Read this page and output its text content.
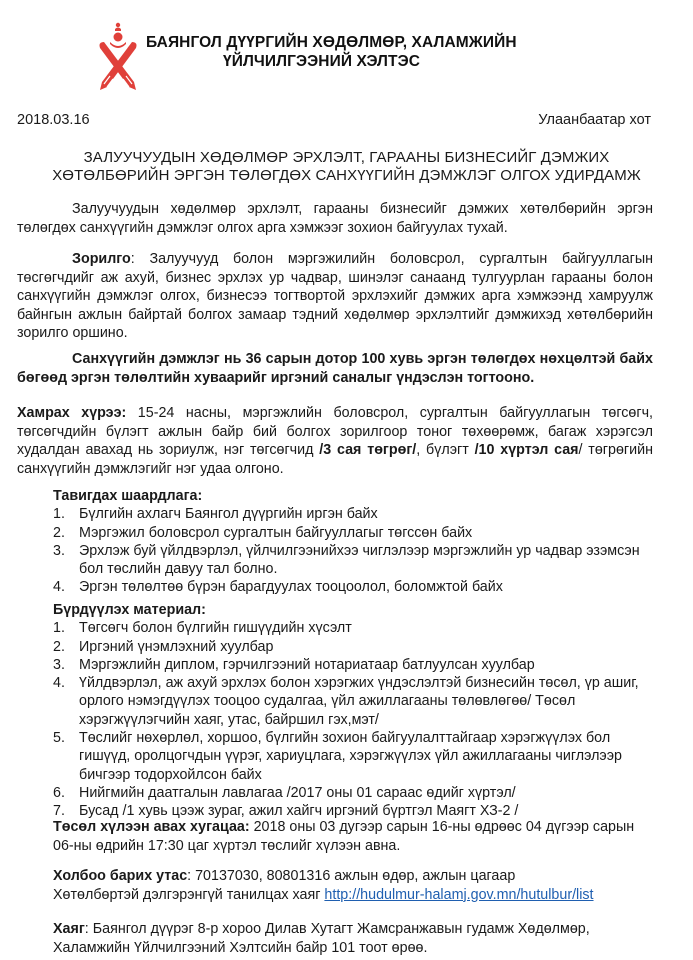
БАЯНГОЛ ДҮҮРГИЙН ХӨДӨЛМӨР, ХАЛАМЖИЙН
ҮЙЛЧИЛГЭЭНИЙ ХЭЛТЭС
2018.03.16	Улаанбаатар хот
ЗАЛУУЧУУДЫН ХӨДӨЛМӨР ЭРХЛЭЛТ, ГАРААНЫ БИЗНЕСИЙГ ДЭМЖИХ
ХӨТӨЛБӨРИЙН ЭРГЭН ТӨЛӨГДӨХ САНХҮҮГИЙН ДЭМЖЛЭГ ОЛГОХ УДИРДАМЖ

Залуучуудын хөдөлмөр эрхлэлт, гарааны бизнесийг дэмжих хөтөлбөрийн эргэн төлөгдөх санхүүгийн дэмжлэг олгох арга хэмжээг зохион байгуулах тухай.

Зорилго: Залуучууд болон мэргэжилийн боловсрол, сургалтын байгууллагын төсгөгчдийг аж ахуй, бизнес эрхлэх ур чадвар, шинэлэг санаанд тулгуурлан гарааны болон санхүүгийн дэмжлэг олгох, бизнесээ тогтвортой эрхлэхийг дэмжих арга хэмжээнд хамруулж байнгын ажлын байртай болгох замаар тэдний хөдөлмөр эрхлэлтийг дэмжихэд хөтөлбөрийн зорилго оршино.

Санхүүгийн дэмжлэг нь 36 сарын дотор 100 хувь эргэн төлөгдөх нөхцөлтэй байх бөгөөд эргэн төлөлтийн хуваарийг иргэний саналыг үндэслэн тогтооно.

Хамрах хүрээ: 15-24 насны, мэргэжлийн боловсрол, сургалтын байгууллагын төгсөгч, төгсөгчдийн бүлэгт ажлын байр бий болгох зорилгоор тоног төхөөрөмж, багаж хэрэгсэл худалдан авахад нь зориулж, нэг төгсөгчид /3 сая төгрөг/, бүлэгт /10 хүртэл сая/ төгрөгийн санхүүгийн дэмжлэгийг нэг удаа олгоно.

Тавигдах шаардлага:
1. Бүлгийн ахлагч Баянгол дүүргийн иргэн байх
2. Мэргэжил боловсрол сургалтын байгууллагыг төгссөн байх
3. Эрхлэж буй үйлдвэрлэл, үйлчилгээнийхээ чиглэлээр мэргэжлийн ур чадвар эзэмсэн бол төслийн давуу тал болно.
4. Эргэн төлөлтөө бүрэн барагдуулах тооцоолол, боломжтой байх
Бүрдүүлэх материал:
1. Төгсөгч болон бүлгийн гишүүдийн хүсэлт
2. Иргэний үнэмлэхний хуулбар
3. Мэргэжлийн диплом, гэрчилгээний нотариатаар батлуулсан хуулбар
4. Үйлдвэрлэл, аж ахуй эрхлэх болон хэрэгжих үндэслэлтэй бизнесийн төсөл, үр ашиг, орлого нэмэгдүүлэх тооцоо судалгаа, үйл ажиллагааны төлөвлөгөө/ Төсөл хэрэгжүүлэгчийн хаяг, утас, байршил гэх,мэт/
5. Төслийг нөхөрлөл, хоршоо, бүлгийн зохион байгуулалттайгаар хэрэгжүүлэх бол гишүүд, оролцогчдын үүрэг, хариуцлага, хэрэгжүүлэх үйл ажиллагааны чиглэлээр бичгээр тодорхойлсон байх
6. Нийгмийн даатгалын лавлагаа /2017 оны 01 сараас өдийг хүртэл/
7. Бусад /1 хувь цээж зураг, ажил хайгч иргэний бүртгэл Маягт ХЗ-2 /

Төсөл хүлээн авах хугацаа: 2018 оны 03 дугээр сарын 16-ны өдрөөс 04 дүгээр сарын 06-ны өдрийн 17:30 цаг хүртэл төслийг хүлээн авна.

Холбоо барих утас: 70137030, 80801316 ажлын өдөр, ажлын цагаар
Хөтөлбөртэй дэлгэрэнгүй танилцах хаяг http://hudulmur-halamj.gov.mn/hutulbur/list

Хаяг: Баянгол дүүрэг 8-р хороо Дилав Хутагт Жамсранжавын гудамж Хөдөлмөр, Халамжийн Үйлчилгээний Хэлтсийн байр 101 тоот өрөө.
